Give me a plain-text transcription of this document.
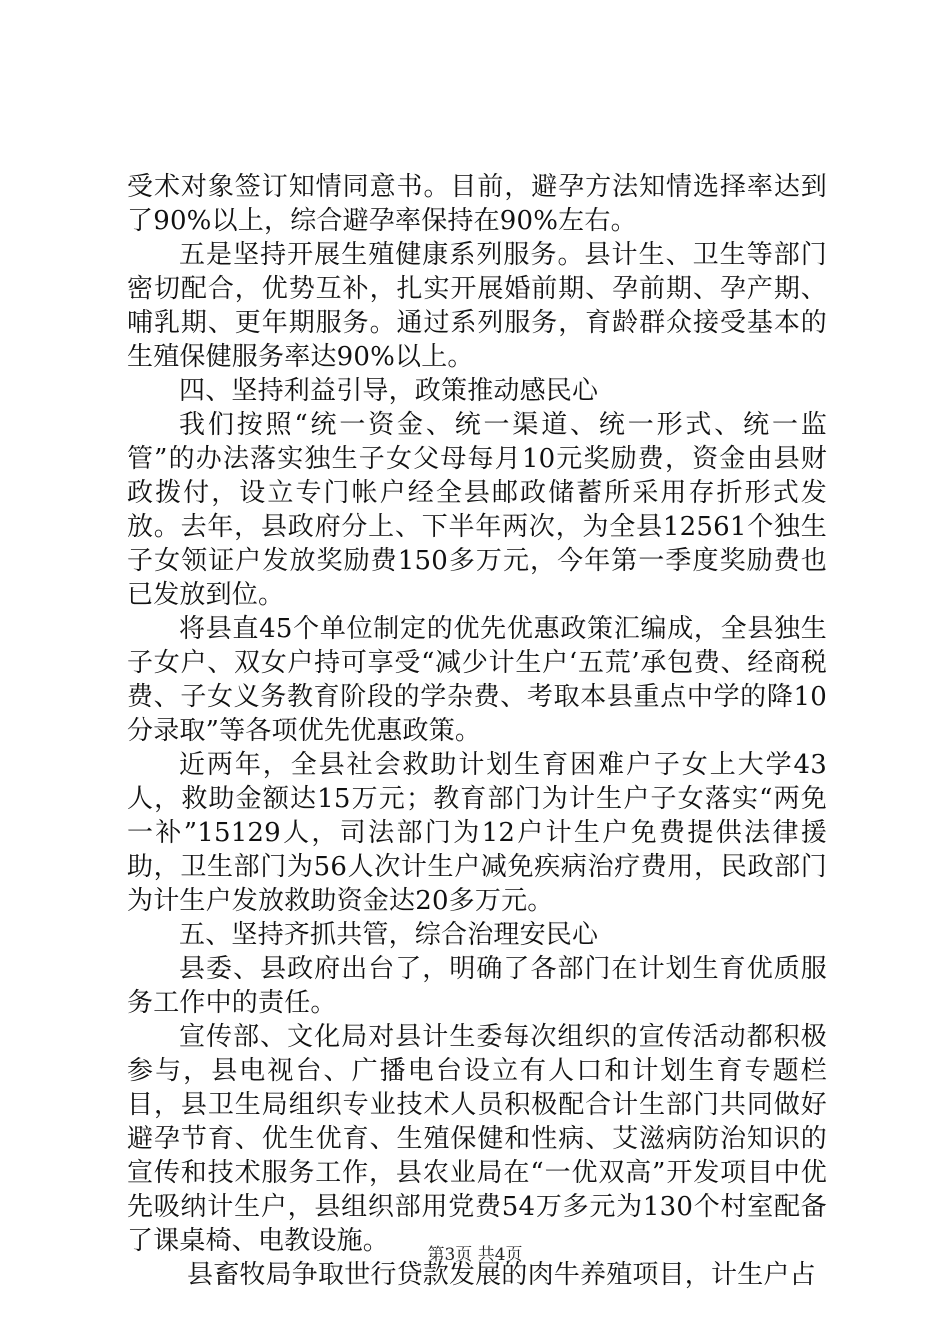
受术对象签订知情同意书。目前，避孕方法知情选择率达到了90%以上，综合避孕率保持在90%左右。

五是坚持开展生殖健康系列服务。县计生、卫生等部门密切配合，优势互补，扎实开展婚前期、孕前期、孕产期、哺乳期、更年期服务。通过系列服务，育龄群众接受基本的生殖保健服务率达90%以上。

四、坚持利益引导，政策推动感民心

我们按照“统一资金、统一渠道、统一形式、统一监管”的办法落实独生子女父母每月10元奖励费，资金由县财政拨付，设立专门帐户经全县邮政储蓄所采用存折形式发放。去年，县政府分上、下半年两次，为全县12561个独生子女领证户发放奖励费150多万元，今年第一季度奖励费也已发放到位。

将县直45个单位制定的优先优惠政策汇编成，全县独生子女户、双女户持可享受“减少计生户‘五荒’承包费、经商税费、子女义务教育阶段的学杂费、考取本县重点中学的降10分录取”等各项优先优惠政策。

近两年，全县社会救助计划生育困难户子女上大学43人，救助金额达15万元；教育部门为计生户子女落实“两免一补”15129人，司法部门为12户计生户免费提供法律援助，卫生部门为56人次计生户减免疾病治疗费用，民政部门为计生户发放救助资金达20多万元。

五、坚持齐抓共管，综合治理安民心

县委、县政府出台了，明确了各部门在计划生育优质服务工作中的责任。

宣传部、文化局对县计生委每次组织的宣传活动都积极参与，县电视台、广播电台设立有人口和计划生育专题栏目，县卫生局组织专业技术人员积极配合计生部门共同做好避孕节育、优生优育、生殖保健和性病、艾滋病防治知识的宣传和技术服务工作，县农业局在“一优双高”开发项目中优先吸纳计生户，县组织部用党费54万多元为130个村室配备了课桌椅、电教设施。

县畜牧局争取世行贷款发展的肉牛养殖项目，计生户占

第3页 共4页
